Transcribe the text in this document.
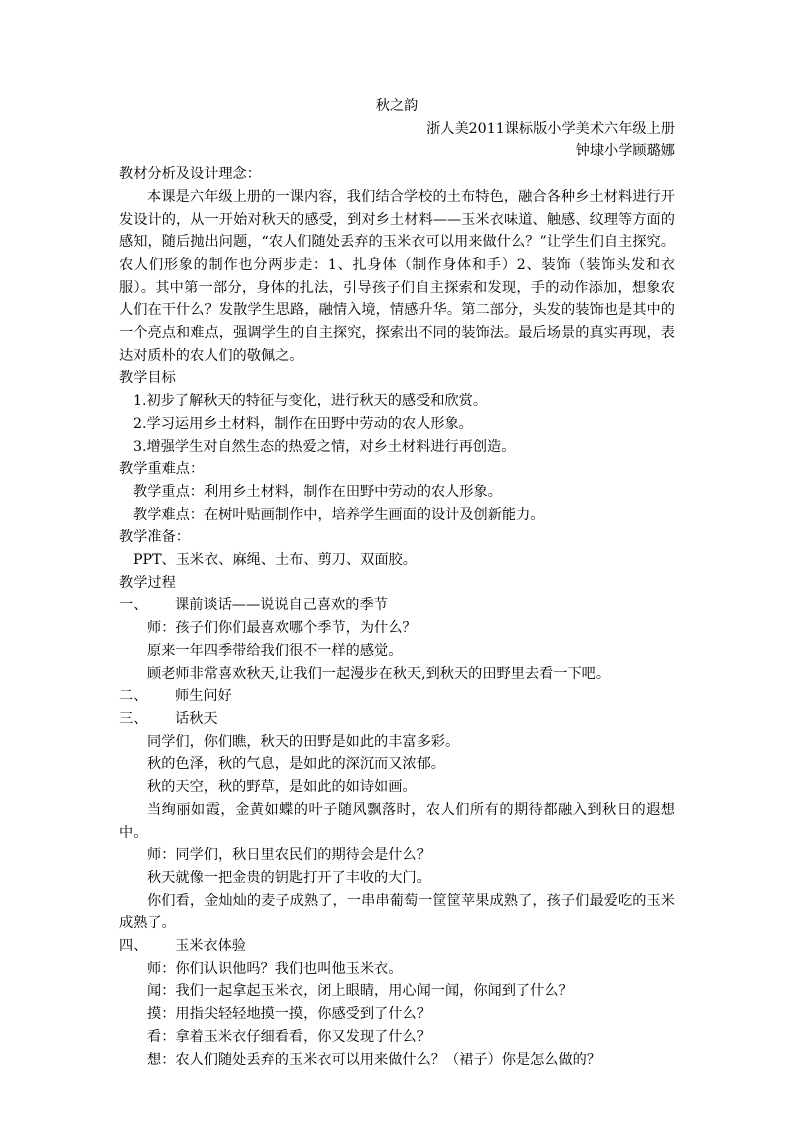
秋之韵

浙人美2011课标版小学美术六年级上册

钟埭小学顾璐娜

教材分析及设计理念：

本课是六年级上册的一课内容，我们结合学校的土布特色，融合各种乡土材料进行开发设计的，从一开始对秋天的感受，到对乡土材料——玉米衣味道、触感、纹理等方面的感知，随后抛出问题，“农人们随处丢弃的玉米衣可以用来做什么？”让学生们自主探究。农人们形象的制作也分两步走：1、扎身体（制作身体和手）2、装饰（装饰头发和衣服）。其中第一部分，身体的扎法，引导孩子们自主探索和发现，手的动作添加，想象农人们在干什么？发散学生思路，融情入境，情感升华。第二部分，头发的装饰也是其中的一个亮点和难点，强调学生的自主探究，探索出不同的装饰法。最后场景的真实再现，表达对质朴的农人们的敬佩之。

教学目标

1.初步了解秋天的特征与变化，进行秋天的感受和欣赏。

2.学习运用乡土材料，制作在田野中劳动的农人形象。

3.增强学生对自然生态的热爱之情，对乡土材料进行再创造。

教学重难点：

教学重点：利用乡土材料，制作在田野中劳动的农人形象。

教学难点：在树叶贴画制作中，培养学生画面的设计及创新能力。

教学准备：

PPT、玉米衣、麻绳、土布、剪刀、双面胶。

教学过程

一、	课前谈话——说说自己喜欢的季节

师：孩子们你们最喜欢哪个季节，为什么？

原来一年四季带给我们很不一样的感觉。

顾老师非常喜欢秋天,让我们一起漫步在秋天,到秋天的田野里去看一下吧。

二、	师生问好
三、	话秋天

同学们，你们瞧，秋天的田野是如此的丰富多彩。

秋的色泽，秋的气息，是如此的深沉而又浓郁。

秋的天空，秋的野草，是如此的如诗如画。

当绚丽如霞，金黄如蝶的叶子随风飘落时，农人们所有的期待都融入到秋日的遐想中。

师：同学们，秋日里农民们的期待会是什么？

秋天就像一把金贵的钥匙打开了丰收的大门。

你们看，金灿灿的麦子成熟了，一串串葡萄一筐筐苹果成熟了，孩子们最爱吃的玉米成熟了。

四、	玉米衣体验

师：你们认识他吗？我们也叫他玉米衣。

闻：我们一起拿起玉米衣，闭上眼睛，用心闻一闻，你闻到了什么？

摸：用指尖轻轻地摸一摸，你感受到了什么？

看：拿着玉米衣仔细看看，你又发现了什么？

想：农人们随处丢弃的玉米衣可以用来做什么？（裙子）你是怎么做的？
